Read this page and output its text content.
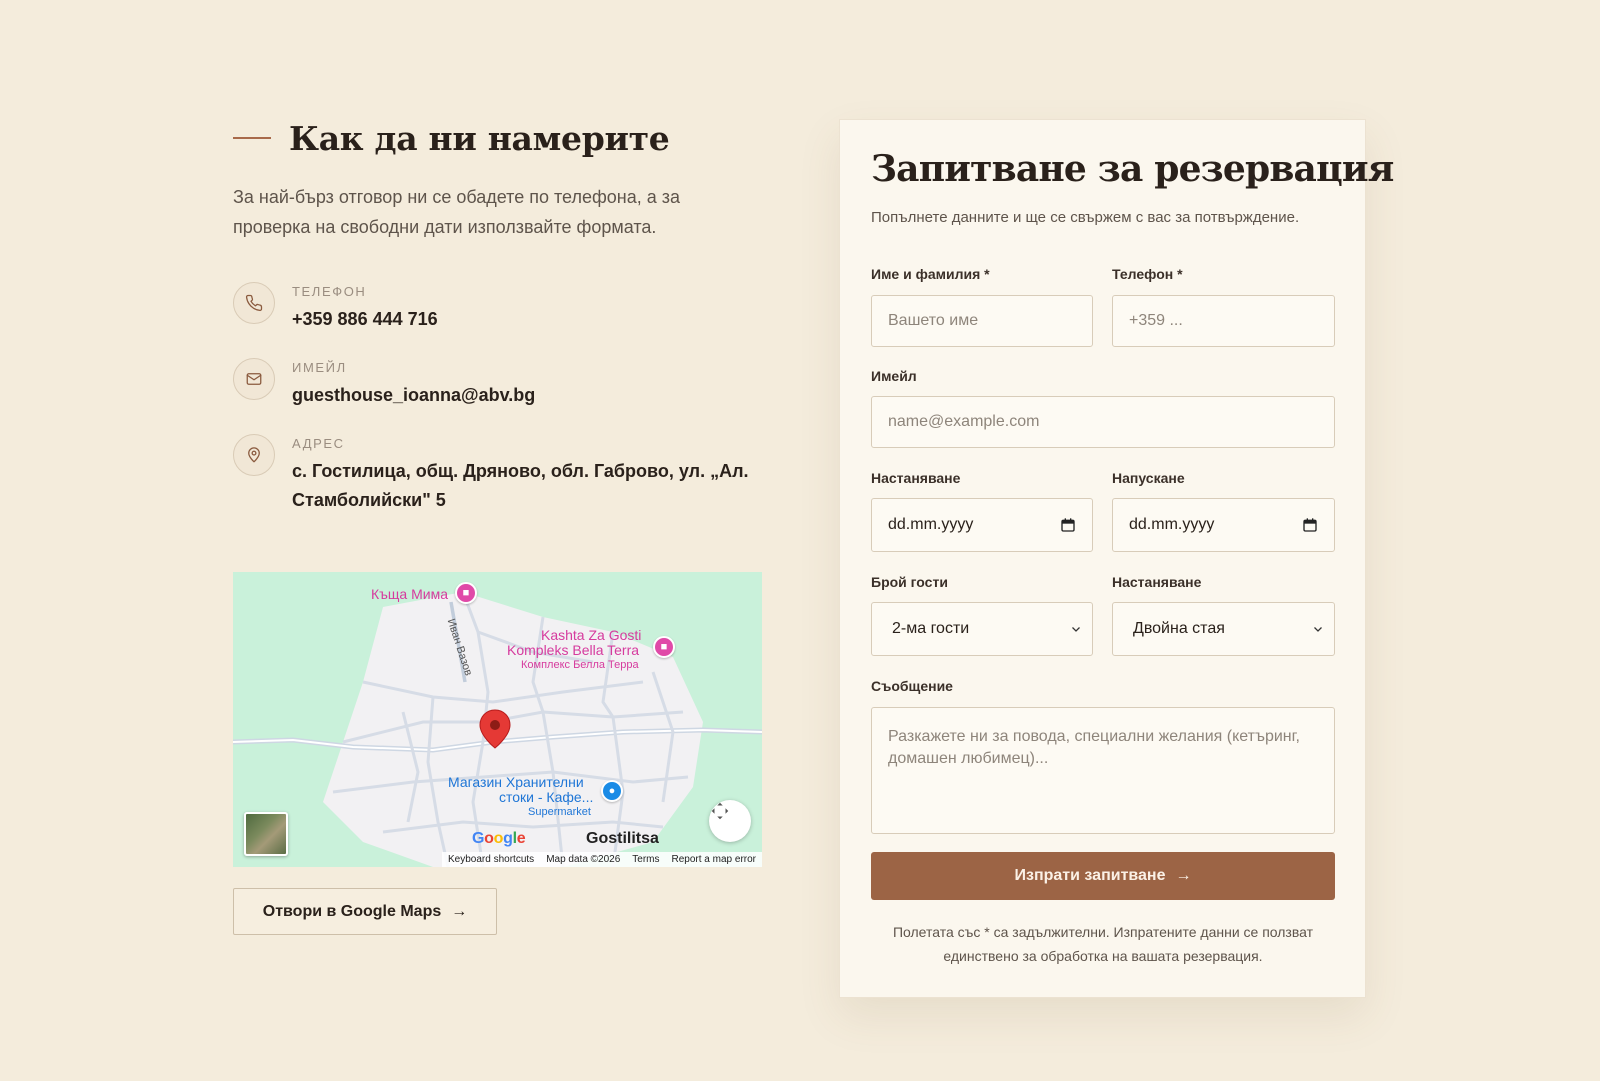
Как да ни намерите

За най-бърз отговор ни се обадете по телефона, а за проверка на свободни дати използвайте формата.

ТЕЛЕФОН
+359 886 444 716
ИМЕЙЛ
guesthouse_ioanna@abv.bg
АДРЕС
с. Гостилица, общ. Дряново, обл. Габрово, ул. „Ал. Стамболийски" 5
Къща Мима	■
Иван Вазов	Kashta Za Gosti
Kompleks Bella Terra
Комплекс Белла Терра
■
Магазин Хранителни
стоки - Кафе...
Supermarket
●
Gostilitsa
Google
Keyboard shortcuts Map data ©2026 Terms Report a map error
Отвори в Google Maps →
Запитване за резервация

Попълнете данните и ще се свържем с вас за потвърждение.

Име и фамилия *
Вашето име
Телефон *
+359 ...
Имейл
name@example.com
Настаняване
dd.mm.yyyy
Напускане
dd.mm.yyyy
Брой гости
2-ма гости
Настаняване
Двойна стая
Съобщение
Разкажете ни за повода, специални желания (кетъринг, домашен любимец)...
Изпрати запитване →

Полетата със * са задължителни. Изпратените данни се ползват единствено за обработка на вашата резервация.
